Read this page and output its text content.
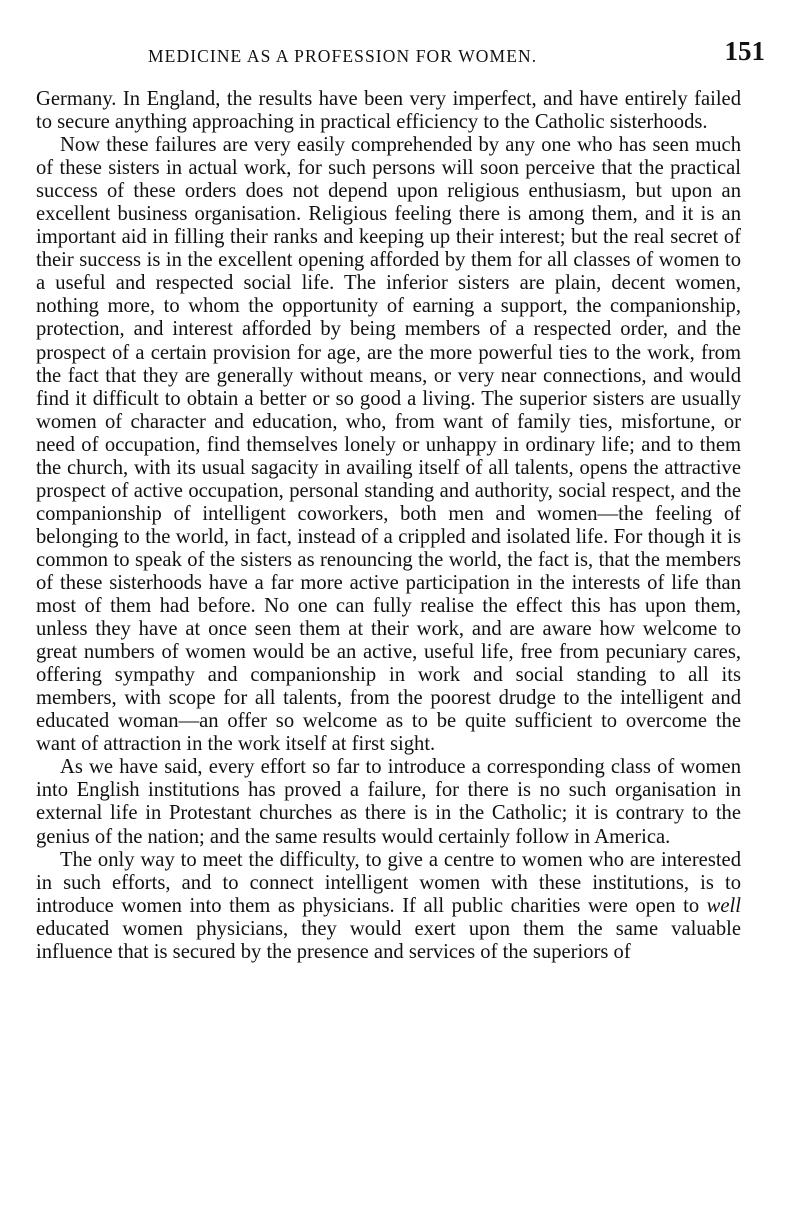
MEDICINE AS A PROFESSION FOR WOMEN.	151

Germany. In England, the results have been very imperfect, and have entirely failed to secure anything approaching in practical efficiency to the Catholic sisterhoods.

Now these failures are very easily comprehended by any one who has seen much of these sisters in actual work, for such persons will soon perceive that the practical success of these orders does not depend upon religious enthusiasm, but upon an excellent business organisation. Religious feeling there is among them, and it is an important aid in filling their ranks and keeping up their interest; but the real secret of their success is in the excellent opening afforded by them for all classes of women to a useful and respected social life. The inferior sisters are plain, decent women, nothing more, to whom the opportunity of earning a support, the companionship, protection, and interest afforded by being members of a respected order, and the prospect of a certain provision for age, are the more powerful ties to the work, from the fact that they are generally without means, or very near connections, and would find it difficult to obtain a better or so good a living. The superior sisters are usually women of character and education, who, from want of family ties, misfortune, or need of occupation, find themselves lonely or unhappy in ordinary life; and to them the church, with its usual sagacity in availing itself of all talents, opens the attractive prospect of active occupation, personal standing and authority, social respect, and the companionship of intelligent coworkers, both men and women—the feeling of belonging to the world, in fact, instead of a crippled and isolated life. For though it is common to speak of the sisters as renouncing the world, the fact is, that the members of these sisterhoods have a far more active participation in the interests of life than most of them had before. No one can fully realise the effect this has upon them, unless they have at once seen them at their work, and are aware how welcome to great numbers of women would be an active, useful life, free from pecuniary cares, offering sympathy and companionship in work and social standing to all its members, with scope for all talents, from the poorest drudge to the intelligent and educated woman—an offer so welcome as to be quite sufficient to overcome the want of attraction in the work itself at first sight.

As we have said, every effort so far to introduce a corresponding class of women into English institutions has proved a failure, for there is no such organisation in external life in Protestant churches as there is in the Catholic; it is contrary to the genius of the nation; and the same results would certainly follow in America.

The only way to meet the difficulty, to give a centre to women who are interested in such efforts, and to connect intelligent women with these institutions, is to introduce women into them as physicians. If all public charities were open to well educated women physicians, they would exert upon them the same valuable influence that is secured by the presence and services of the superiors of
